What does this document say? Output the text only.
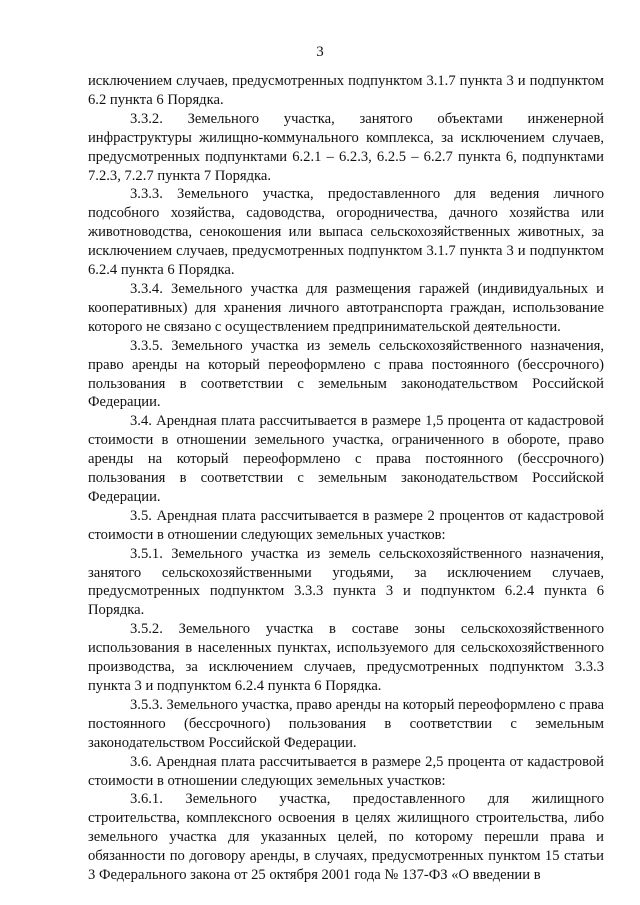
3

исключением случаев, предусмотренных подпунктом 3.1.7 пункта 3 и подпунктом 6.2 пункта 6 Порядка.

3.3.2. Земельного участка, занятого объектами инженерной инфраструктуры жилищно-коммунального комплекса, за исключением случаев, предусмотренных подпунктами 6.2.1 – 6.2.3, 6.2.5 – 6.2.7 пункта 6, подпунктами 7.2.3, 7.2.7 пункта 7 Порядка.

3.3.3. Земельного участка, предоставленного для ведения личного подсобного хозяйства, садоводства, огородничества, дачного хозяйства или животноводства, сенокошения или выпаса сельскохозяйственных животных, за исключением случаев, предусмотренных подпунктом 3.1.7 пункта 3 и подпунктом 6.2.4 пункта 6 Порядка.

3.3.4. Земельного участка для размещения гаражей (индивидуальных и кооперативных) для хранения личного автотранспорта граждан, использование которого не связано с осуществлением предпринимательской деятельности.

3.3.5. Земельного участка из земель сельскохозяйственного назначения, право аренды на который переоформлено с права постоянного (бессрочного) пользования в соответствии с земельным законодательством Российской Федерации.

3.4. Арендная плата рассчитывается в размере 1,5 процента от кадастровой стоимости в отношении земельного участка, ограниченного в обороте, право аренды на который переоформлено с права постоянного (бессрочного) пользования в соответствии с земельным законодательством Российской Федерации.

3.5. Арендная плата рассчитывается в размере 2 процентов от кадастровой стоимости в отношении следующих земельных участков:

3.5.1. Земельного участка из земель сельскохозяйственного назначения, занятого сельскохозяйственными угодьями, за исключением случаев, предусмотренных подпунктом 3.3.3 пункта 3 и подпунктом 6.2.4 пункта 6 Порядка.

3.5.2. Земельного участка в составе зоны сельскохозяйственного использования в населенных пунктах, используемого для сельскохозяйственного производства, за исключением случаев, предусмотренных подпунктом 3.3.3 пункта 3 и подпунктом 6.2.4 пункта 6 Порядка.

3.5.3. Земельного участка, право аренды на который переоформлено с права постоянного (бессрочного) пользования в соответствии с земельным законодательством Российской Федерации.

3.6. Арендная плата рассчитывается в размере 2,5 процента от кадастровой стоимости в отношении следующих земельных участков:

3.6.1. Земельного участка, предоставленного для жилищного строительства, комплексного освоения в целях жилищного строительства, либо земельного участка для указанных целей, по которому перешли права и обязанности по договору аренды, в случаях, предусмотренных пунктом 15 статьи 3 Федерального закона от 25 октября 2001 года № 137-ФЗ «О введении в
